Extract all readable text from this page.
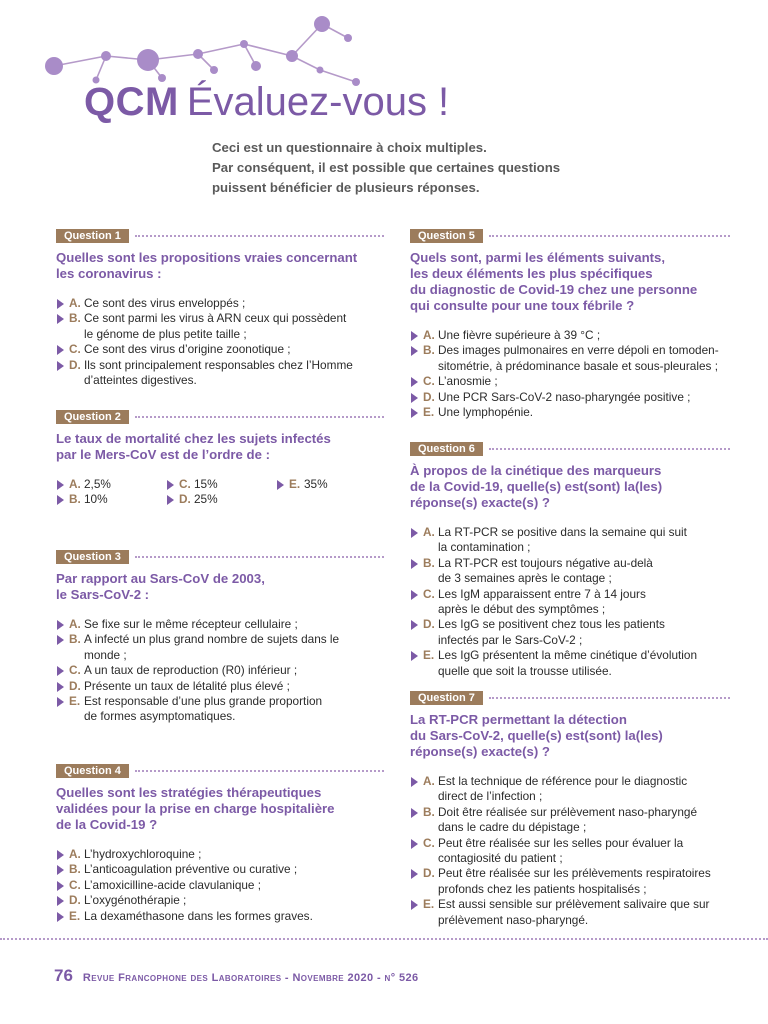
QCM Évaluez-vous !
Ceci est un questionnaire à choix multiples.
Par conséquent, il est possible que certaines questions
puissent bénéficier de plusieurs réponses.
Question 1
Quelles sont les propositions vraies concernant
les coronavirus :
A. Ce sont des virus enveloppés ;
B. Ce sont parmi les virus à ARN ceux qui possèdent
le génome de plus petite taille ;
C. Ce sont des virus d’origine zoonotique ;
D. Ils sont principalement responsables chez l’Homme
d’atteintes digestives.
Question 2
Le taux de mortalité chez les sujets infectés
par le Mers-CoV est de l’ordre de :
A. 2,5%	C. 15%	E. 35%
B. 10%	D. 25%
Question 3
Par rapport au Sars-CoV de 2003,
le Sars-CoV-2 :
A. Se fixe sur le même récepteur cellulaire ;
B. A infecté un plus grand nombre de sujets dans le
monde ;
C. A un taux de reproduction (R0) inférieur ;
D. Présente un taux de létalité plus élevé ;
E. Est responsable d’une plus grande proportion
de formes asymptomatiques.
Question 4
Quelles sont les stratégies thérapeutiques
validées pour la prise en charge hospitalière
de la Covid-19 ?
A. L’hydroxychloroquine ;
B. L’anticoagulation préventive ou curative ;
C. L’amoxicilline-acide clavulanique ;
D. L’oxygénothérapie ;
E. La dexaméthasone dans les formes graves.
Question 5
Quels sont, parmi les éléments suivants,
les deux éléments les plus spécifiques
du diagnostic de Covid-19 chez une personne
qui consulte pour une toux fébrile ?
A. Une fièvre supérieure à 39 °C ;
B. Des images pulmonaires en verre dépoli en tomoden-
sitométrie, à prédominance basale et sous-pleurales ;
C. L’anosmie ;
D. Une PCR Sars-CoV-2 naso-pharyngée positive ;
E. Une lymphopénie.
Question 6
À propos de la cinétique des marqueurs
de la Covid-19, quelle(s) est(sont) la(les)
réponse(s) exacte(s) ?
A. La RT-PCR se positive dans la semaine qui suit
la contamination ;
B. La RT-PCR est toujours négative au-delà
de 3 semaines après le contage ;
C. Les IgM apparaissent entre 7 à 14 jours
après le début des symptômes ;
D. Les IgG se positivent chez tous les patients
infectés par le Sars-CoV-2 ;
E. Les IgG présentent la même cinétique d’évolution
quelle que soit la trousse utilisée.
Question 7
La RT-PCR permettant la détection
du Sars-CoV-2, quelle(s) est(sont) la(les)
réponse(s) exacte(s) ?
A. Est la technique de référence pour le diagnostic
direct de l’infection ;
B. Doit être réalisée sur prélèvement naso-pharyngé
dans le cadre du dépistage ;
C. Peut être réalisée sur les selles pour évaluer la
contagiosité du patient ;
D. Peut être réalisée sur les prélèvements respiratoires
profonds chez les patients hospitalisés ;
E. Est aussi sensible sur prélèvement salivaire que sur
prélèvement naso-pharyngé.
76 Revue Francophone des Laboratoires - Novembre 2020 - n° 526
